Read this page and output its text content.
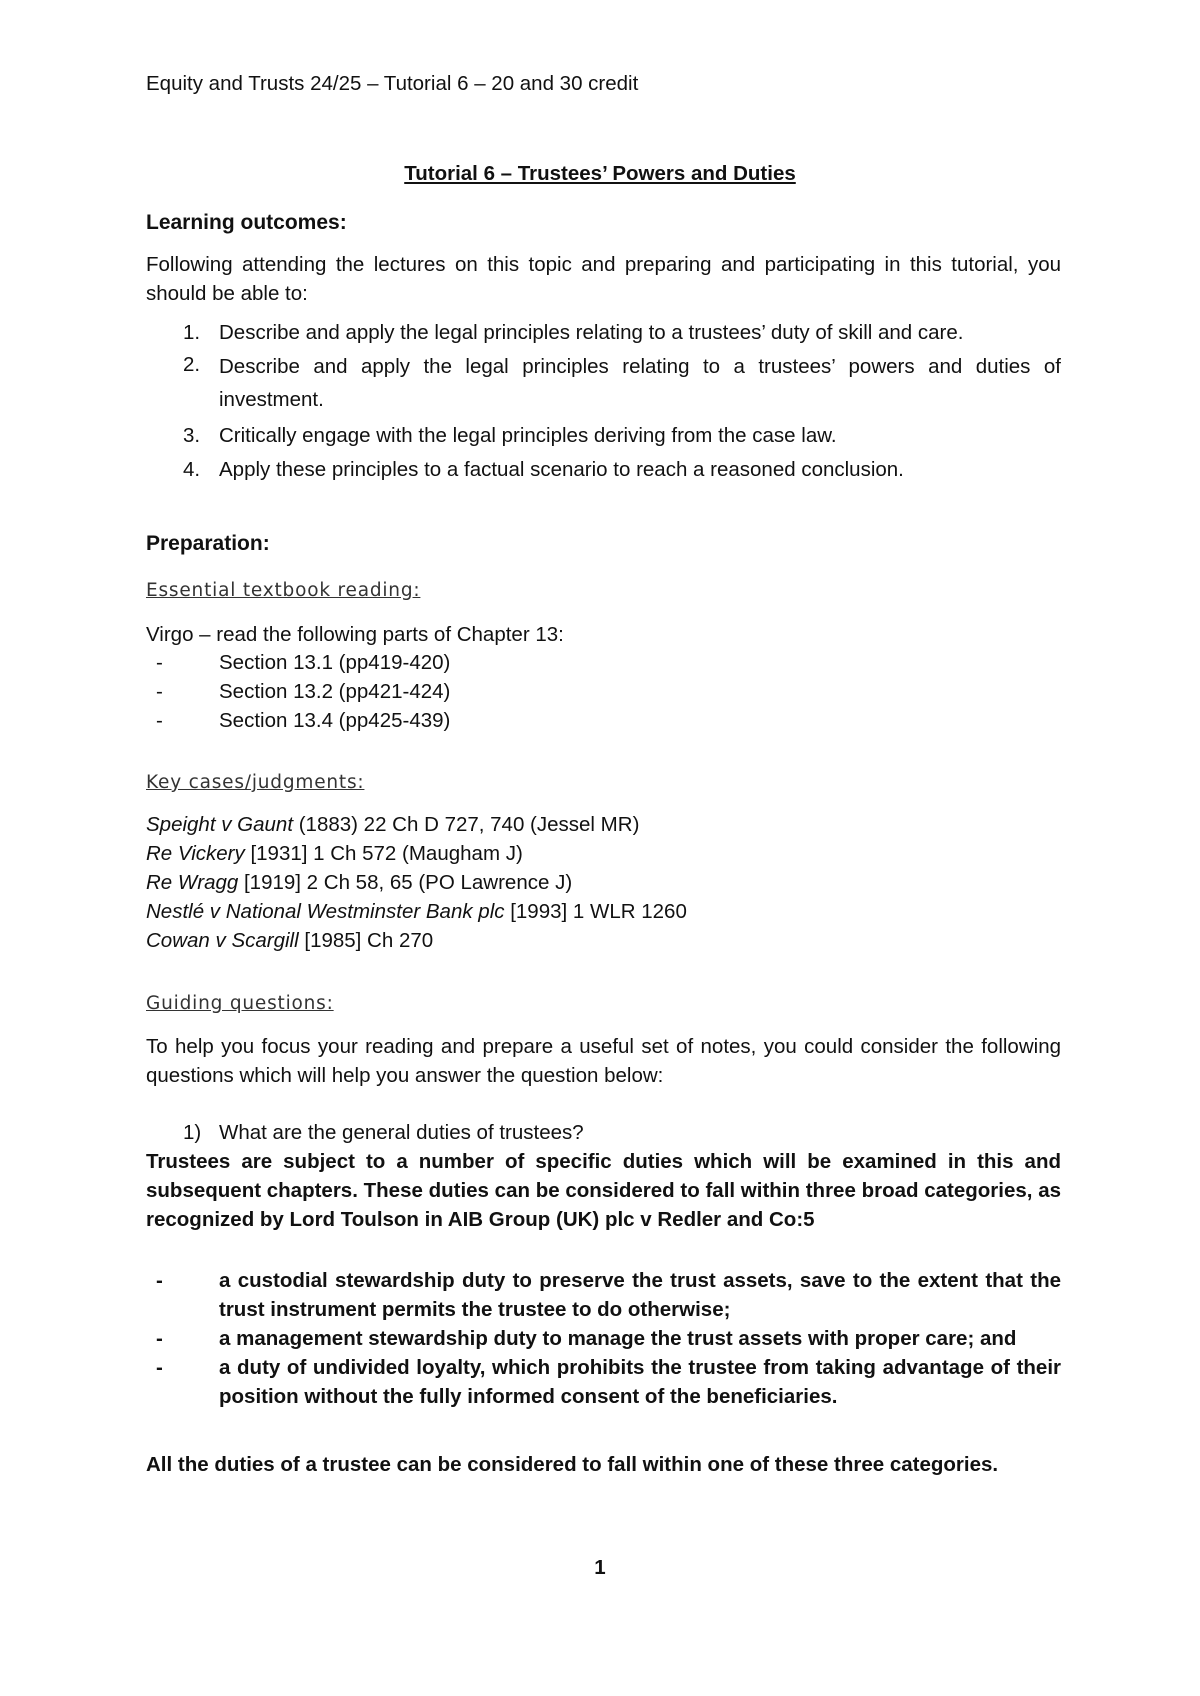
Equity and Trusts 24/25 – Tutorial 6 – 20 and 30 credit
Tutorial 6 – Trustees’ Powers and Duties
Learning outcomes:
Following attending the lectures on this topic and preparing and participating in this tutorial, you should be able to:
1. Describe and apply the legal principles relating to a trustees’ duty of skill and care.
2. Describe and apply the legal principles relating to a trustees’ powers and duties of investment.
3. Critically engage with the legal principles deriving from the case law.
4. Apply these principles to a factual scenario to reach a reasoned conclusion.
Preparation:
Essential textbook reading:
Virgo – read the following parts of Chapter 13:
-	Section 13.1 (pp419-420)
-	Section 13.2 (pp421-424)
-	Section 13.4 (pp425-439)
Key cases/judgments:
Speight v Gaunt (1883) 22 Ch D 727, 740 (Jessel MR)
Re Vickery [1931] 1 Ch 572 (Maugham J)
Re Wragg [1919] 2 Ch 58, 65 (PO Lawrence J)
Nestlé v National Westminster Bank plc [1993] 1 WLR 1260
Cowan v Scargill [1985] Ch 270
Guiding questions:
To help you focus your reading and prepare a useful set of notes, you could consider the following questions which will help you answer the question below:
1) What are the general duties of trustees?
Trustees are subject to a number of specific duties which will be examined in this and subsequent chapters. These duties can be considered to fall within three broad categories, as recognized by Lord Toulson in AIB Group (UK) plc v Redler and Co:5
-	a custodial stewardship duty to preserve the trust assets, save to the extent that the trust instrument permits the trustee to do otherwise;
-	a management stewardship duty to manage the trust assets with proper care; and
-	a duty of undivided loyalty, which prohibits the trustee from taking advantage of their position without the fully informed consent of the beneficiaries.
All the duties of a trustee can be considered to fall within one of these three categories.
1
